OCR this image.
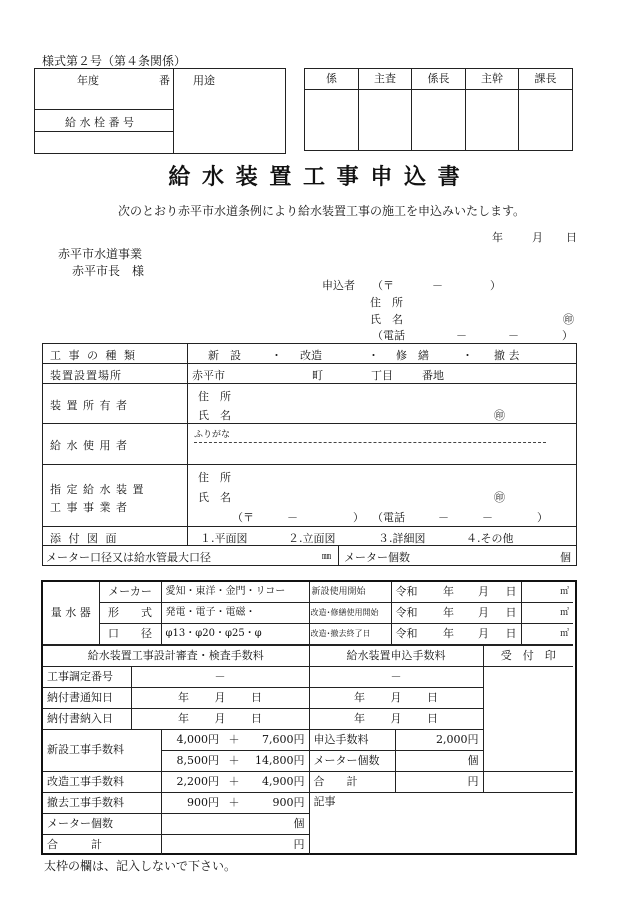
様式第２号（第４条関係）
年度	番 用途
給 水 栓 番 号
係	主査	係長	主幹	課長

給 水 装 置 工 事 申 込 書
次のとおり赤平市水道条例により給水装置工事の施工を申込みいたします。
年	月 日
赤平市水道事業
赤平市長　様
申込者 （〒	－	）
住　所
氏　名	㊞
（電話	－	－	）
工 事 の 種 類	新　設	・ 改造	・ 修　繕	・ 撤 去
装置設置場所	赤平市	町	丁目	番地
装 置 所 有 者
住　所
氏　名	㊞
給 水 使 用 者
ふりがな
指 定 給 水 装 置
工 事 事 業 者
住　所
氏　名	㊞
（〒　　　－　　　　　） （電話　　　－　　　－　　　　）
添 付 図 面	１.平面図	２.立面図	３.詳細図	４.その他
メーター口径又は給水管最大口径	㎜ メーター個数	個
量 水 器	メーカー	愛知・東洋・金門・リコー	新設使用開始	令和	年	月	日	㎥
	形　　式	発電・電子・電磁・	改造･修繕使用開始	令和	年	月	日	㎥
	口　　径	φ13・φ20・φ25・φ	改造･撤去終了日	令和	年	月	日	㎥
給水装置工事設計審査・検査手数料					給水装置申込手数料		受　付　印
工事調定番号	－				－		
納付書通知日	年 月 日				年 月 日		
納付書納入日	年 月 日				年 月 日		
新設工事手数料		4,000円	＋	7,600円	申込手数料	2,000円	
		8,500円	＋	14,800円	メーター個数	個	
改造工事手数料		2,200円	＋	4,900円	合　　計	円	
撤去工事手数料		900円	＋	900円	記事		
メーター個数		個					
合　　　計		円					
太枠の欄は、記入しないで下さい。
